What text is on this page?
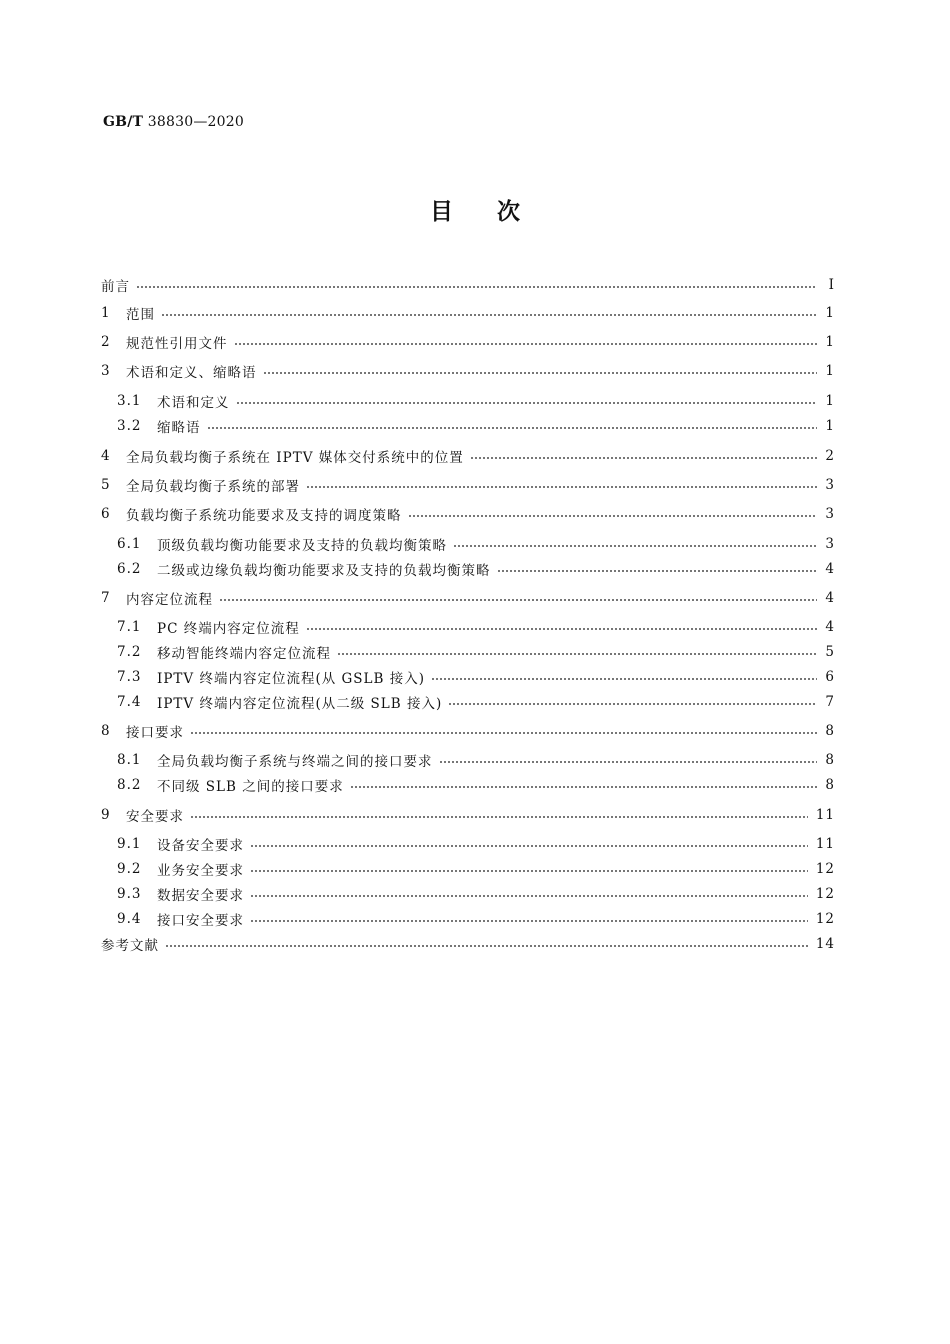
GB/T 38830—2020
目次
前言	Ⅰ
1	范围	1
2	规范性引用文件	1
3	术语和定义、缩略语	1
3.1	术语和定义	1
3.2	缩略语	1
4	全局负载均衡子系统在 IPTV 媒体交付系统中的位置	2
5	全局负载均衡子系统的部署	3
6	负载均衡子系统功能要求及支持的调度策略	3
6.1	顶级负载均衡功能要求及支持的负载均衡策略	3
6.2	二级或边缘负载均衡功能要求及支持的负载均衡策略	4
7	内容定位流程	4
7.1	PC 终端内容定位流程	4
7.2	移动智能终端内容定位流程	5
7.3	IPTV 终端内容定位流程(从 GSLB 接入)	6
7.4	IPTV 终端内容定位流程(从二级 SLB 接入)	7
8	接口要求	8
8.1	全局负载均衡子系统与终端之间的接口要求	8
8.2	不同级 SLB 之间的接口要求	8
9	安全要求	11
9.1	设备安全要求	11
9.2	业务安全要求	12
9.3	数据安全要求	12
9.4	接口安全要求	12
参考文献	14
